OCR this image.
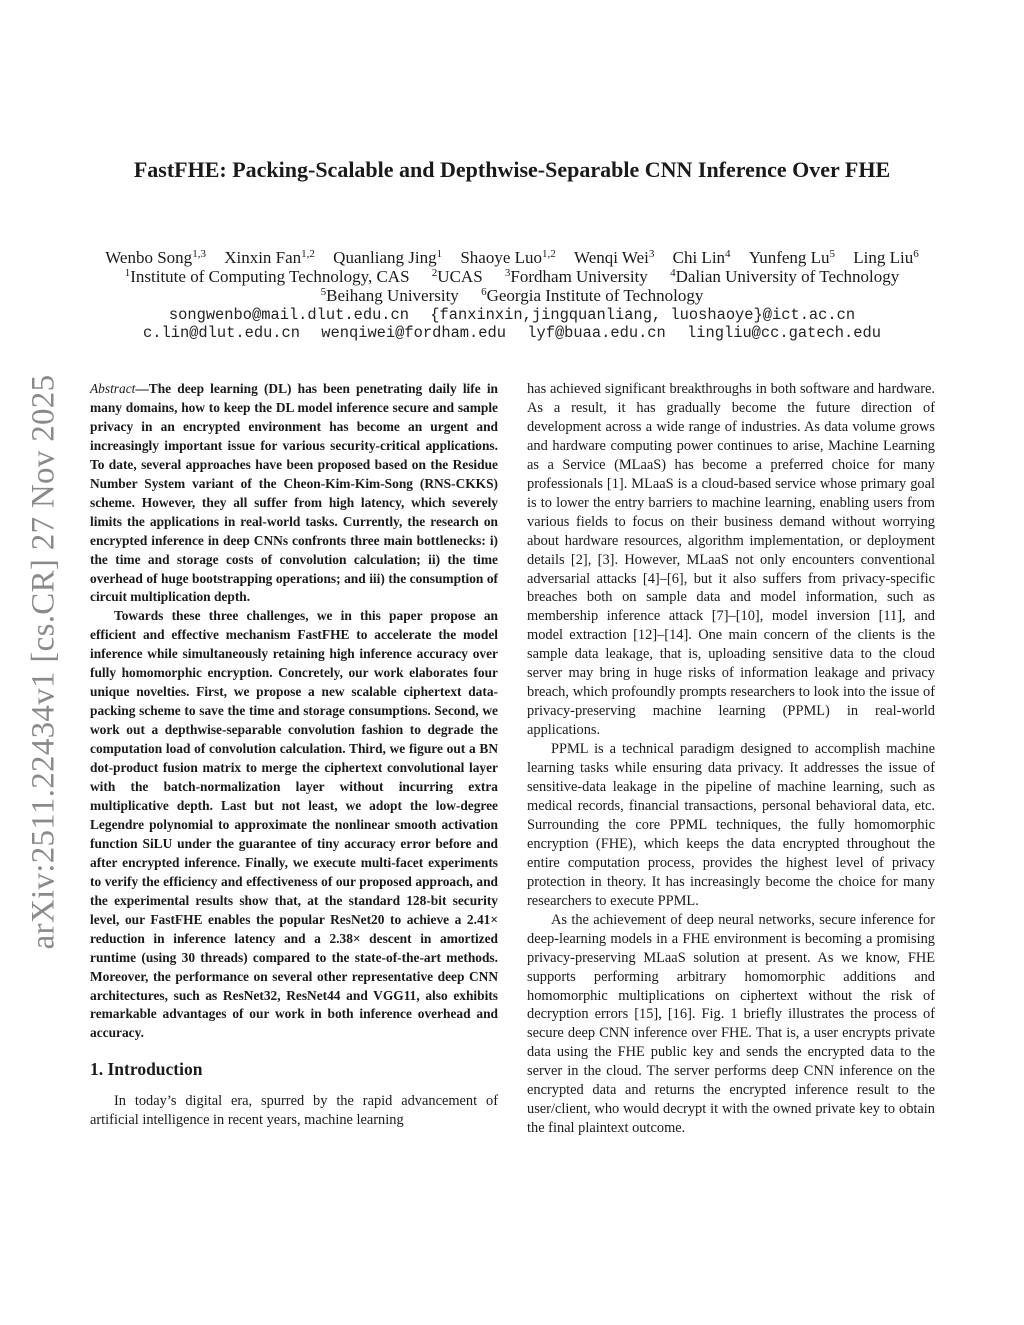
arXiv:2511.22434v1 [cs.CR] 27 Nov 2025
FastFHE: Packing-Scalable and Depthwise-Separable CNN Inference Over FHE
Wenbo Song$^{1,3}$ Xinxin Fan$^{1,2}$ Quanliang Jing$^1$ Shaoye Luo$^{1,2}$ Wenqi Wei$^3$ Chi Lin$^4$ Yunfeng Lu$^5$ Ling Liu$^6$
$^1$Institute of Computing Technology, CAS $^2$UCAS $^3$Fordham University $^4$Dalian University of Technology
$^5$Beihang University $^6$Georgia Institute of Technology
songwenbo@mail.dlut.edu.cn {fanxinxin,jingquanliang, luoshaoye}@ict.ac.cn
c.lin@dlut.edu.cn wenqiwei@fordham.edu lyf@buaa.edu.cn lingliu@cc.gatech.edu

Abstract—The deep learning (DL) has been penetrating daily life in many domains, how to keep the DL model inference secure and sample privacy in an encrypted environment has become an urgent and increasingly important issue for various security-critical applications. To date, several approaches have been proposed based on the Residue Number System variant of the Cheon-Kim-Kim-Song (RNS-CKKS) scheme. However, they all suffer from high latency, which severely limits the applications in real-world tasks. Currently, the research on encrypted inference in deep CNNs confronts three main bottlenecks: i) the time and storage costs of convolution calculation; ii) the time overhead of huge bootstrapping operations; and iii) the consumption of circuit multiplication depth.

Towards these three challenges, we in this paper propose an efficient and effective mechanism FastFHE to accelerate the model inference while simultaneously retaining high inference accuracy over fully homomorphic encryption. Concretely, our work elaborates four unique novelties. First, we propose a new scalable ciphertext data-packing scheme to save the time and storage consumptions. Second, we work out a depthwise-separable convolution fashion to degrade the computation load of convolution calculation. Third, we figure out a BN dot-product fusion matrix to merge the ciphertext convolutional layer with the batch-normalization layer without incurring extra multiplicative depth. Last but not least, we adopt the low-degree Legendre polynomial to approximate the nonlinear smooth activation function SiLU under the guarantee of tiny accuracy error before and after encrypted inference. Finally, we execute multi-facet experiments to verify the efficiency and effectiveness of our proposed approach, and the experimental results show that, at the standard 128-bit security level, our FastFHE enables the popular ResNet20 to achieve a 2.41× reduction in inference latency and a 2.38× descent in amortized runtime (using 30 threads) compared to the state-of-the-art methods. Moreover, the performance on several other representative deep CNN architectures, such as ResNet32, ResNet44 and VGG11, also exhibits remarkable advantages of our work in both inference overhead and accuracy.

1. Introduction

In today’s digital era, spurred by the rapid advancement of artificial intelligence in recent years, machine learning

has achieved significant breakthroughs in both software and hardware. As a result, it has gradually become the future direction of development across a wide range of industries. As data volume grows and hardware computing power continues to arise, Machine Learning as a Service (MLaaS) has become a preferred choice for many professionals [1]. MLaaS is a cloud-based service whose primary goal is to lower the entry barriers to machine learning, enabling users from various fields to focus on their business demand without worrying about hardware resources, algorithm implementation, or deployment details [2], [3]. However, MLaaS not only encounters conventional adversarial attacks [4]–[6], but it also suffers from privacy-specific breaches both on sample data and model information, such as membership inference attack [7]–[10], model inversion [11], and model extraction [12]–[14]. One main concern of the clients is the sample data leakage, that is, uploading sensitive data to the cloud server may bring in huge risks of information leakage and privacy breach, which profoundly prompts researchers to look into the issue of privacy-preserving machine learning (PPML) in real-world applications.

PPML is a technical paradigm designed to accomplish machine learning tasks while ensuring data privacy. It addresses the issue of sensitive-data leakage in the pipeline of machine learning, such as medical records, financial transactions, personal behavioral data, etc. Surrounding the core PPML techniques, the fully homomorphic encryption (FHE), which keeps the data encrypted throughout the entire computation process, provides the highest level of privacy protection in theory. It has increasingly become the choice for many researchers to execute PPML.

As the achievement of deep neural networks, secure inference for deep-learning models in a FHE environment is becoming a promising privacy-preserving MLaaS solution at present. As we know, FHE supports performing arbitrary homomorphic additions and homomorphic multiplications on ciphertext without the risk of decryption errors [15], [16]. Fig. 1 briefly illustrates the process of secure deep CNN inference over FHE. That is, a user encrypts private data using the FHE public key and sends the encrypted data to the server in the cloud. The server performs deep CNN inference on the encrypted data and returns the encrypted inference result to the user/client, who would decrypt it with the owned private key to obtain the final plaintext outcome.
